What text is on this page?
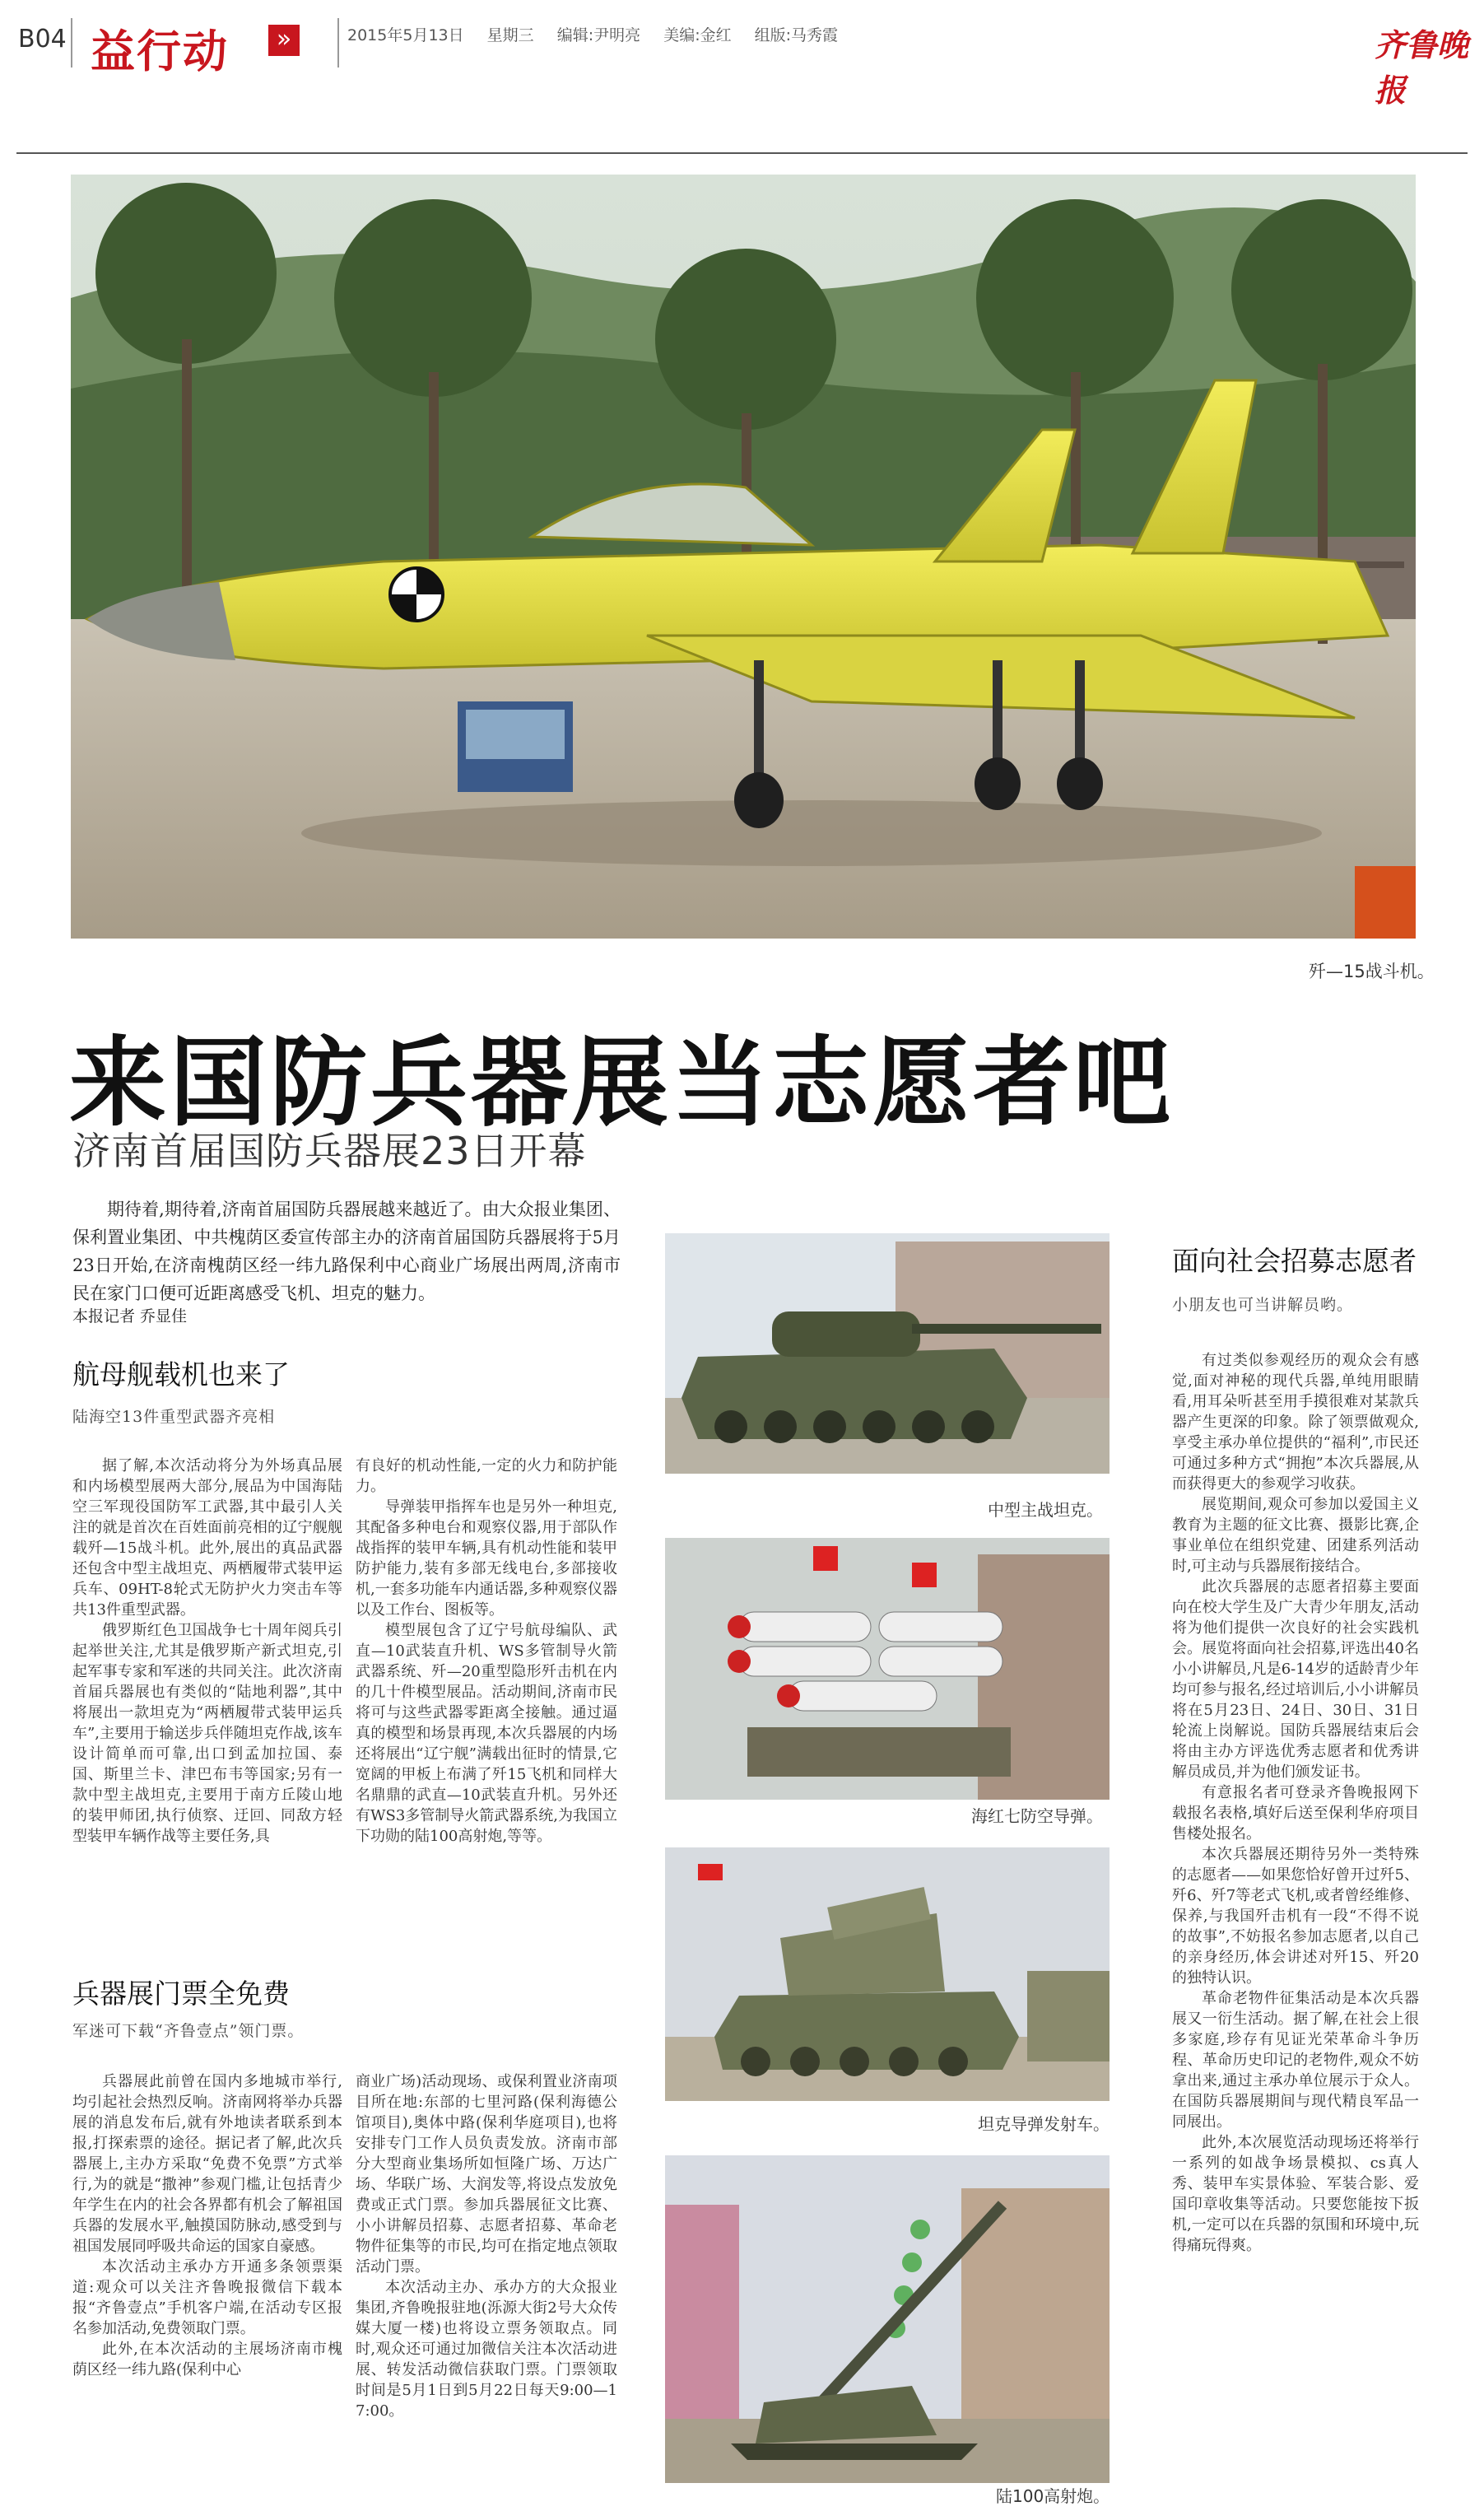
B04 益行动	»	2015年5月13日 星期三 编辑:尹明亮 美编:金红 组版:马秀霞	齐鲁晚报
歼—15战斗机。
来国防兵器展当志愿者吧
济南首届国防兵器展23日开幕
期待着,期待着,济南首届国防兵器展越来越近了。由大众报业集团、保利置业集团、中共槐荫区委宣传部主办的济南首届国防兵器展将于5月23日开始,在济南槐荫区经一纬九路保利中心商业广场展出两周,济南市民在家门口便可近距离感受飞机、坦克的魅力。
本报记者 乔显佳
航母舰载机也来了
陆海空13件重型武器齐亮相

据了解,本次活动将分为外场真品展和内场模型展两大部分,展品为中国海陆空三军现役国防军工武器,其中最引人关注的就是首次在百姓面前亮相的辽宁舰舰载歼—15战斗机。此外,展出的真品武器还包含中型主战坦克、两栖履带式装甲运兵车、09HT-8轮式无防护火力突击车等共13件重型武器。

俄罗斯红色卫国战争七十周年阅兵引起举世关注,尤其是俄罗斯产新式坦克,引起军事专家和军迷的共同关注。此次济南首届兵器展也有类似的“陆地利器”,其中将展出一款坦克为“两栖履带式装甲运兵车”,主要用于输送步兵伴随坦克作战,该车设计简单而可靠,出口到孟加拉国、泰国、斯里兰卡、津巴布韦等国家;另有一款中型主战坦克,主要用于南方丘陵山地的装甲师团,执行侦察、迂回、同敌方轻型装甲车辆作战等主要任务,具

有良好的机动性能,一定的火力和防护能力。

导弹装甲指挥车也是另外一种坦克,其配备多种电台和观察仪器,用于部队作战指挥的装甲车辆,具有机动性能和装甲防护能力,装有多部无线电台,多部接收机,一套多功能车内通话器,多种观察仪器以及工作台、图板等。

模型展包含了辽宁号航母编队、武直—10武装直升机、WS多管制导火箭武器系统、歼—20重型隐形歼击机在内的几十件模型展品。活动期间,济南市民将可与这些武器零距离全接触。通过逼真的模型和场景再现,本次兵器展的内场还将展出“辽宁舰”满载出征时的情景,它宽阔的甲板上布满了歼15飞机和同样大名鼎鼎的武直—10武装直升机。另外还有WS3多管制导火箭武器系统,为我国立下功勋的陆100高射炮,等等。

兵器展门票全免费
军迷可下载“齐鲁壹点”领门票。

兵器展此前曾在国内多地城市举行,均引起社会热烈反响。济南网将举办兵器展的消息发布后,就有外地读者联系到本报,打探索票的途径。据记者了解,此次兵器展上,主办方采取“免费不免票”方式举行,为的就是“撒神”参观门槛,让包括青少年学生在内的社会各界都有机会了解祖国兵器的发展水平,触摸国防脉动,感受到与祖国发展同呼吸共命运的国家自豪感。

本次活动主承办方开通多条领票渠道:观众可以关注齐鲁晚报微信下载本报“齐鲁壹点”手机客户端,在活动专区报名参加活动,免费领取门票。

此外,在本次活动的主展场济南市槐荫区经一纬九路(保利中心

商业广场)活动现场、或保利置业济南项目所在地:东部的七里河路(保利海德公馆项目),奥体中路(保利华庭项目),也将安排专门工作人员负责发放。济南市部分大型商业集场所如恒隆广场、万达广场、华联广场、大润发等,将设点发放免费或正式门票。参加兵器展征文比赛、小小讲解员招募、志愿者招募、革命老物件征集等的市民,均可在指定地点领取活动门票。

本次活动主办、承办方的大众报业集团,齐鲁晚报驻地(泺源大街2号大众传媒大厦一楼)也将设立票务领取点。同时,观众还可通过加微信关注本次活动进展、转发活动微信获取门票。门票领取时间是5月1日到5月22日每天9:00—17:00。

中型主战坦克。
海红七防空导弹。
坦克导弹发射车。
陆100高射炮。
面向社会招募志愿者
小朋友也可当讲解员哟。

有过类似参观经历的观众会有感觉,面对神秘的现代兵器,单纯用眼睛看,用耳朵听甚至用手摸很难对某款兵器产生更深的印象。除了领票做观众,享受主承办单位提供的“福利”,市民还可通过多种方式“拥抱”本次兵器展,从而获得更大的参观学习收获。

展览期间,观众可参加以爱国主义教育为主题的征文比赛、摄影比赛,企事业单位在组织党建、团建系列活动时,可主动与兵器展衔接结合。

此次兵器展的志愿者招募主要面向在校大学生及广大青少年朋友,活动将为他们提供一次良好的社会实践机会。展览将面向社会招募,评选出40名小小讲解员,凡是6-14岁的适龄青少年均可参与报名,经过培训后,小小讲解员将在5月23日、24日、30日、31日轮流上岗解说。国防兵器展结束后会将由主办方评选优秀志愿者和优秀讲解员成员,并为他们颁发证书。

有意报名者可登录齐鲁晚报网下载报名表格,填好后送至保利华府项目售楼处报名。

本次兵器展还期待另外一类特殊的志愿者——如果您恰好曾开过歼5、歼6、歼7等老式飞机,或者曾经维修、保养,与我国歼击机有一段“不得不说的故事”,不妨报名参加志愿者,以自己的亲身经历,体会讲述对歼15、歼20的独特认识。

革命老物件征集活动是本次兵器展又一衍生活动。据了解,在社会上很多家庭,珍存有见证光荣革命斗争历程、革命历史印记的老物件,观众不妨拿出来,通过主承办单位展示于众人。在国防兵器展期间与现代精良军品一同展出。

此外,本次展览活动现场还将举行一系列的如战争场景模拟、cs真人秀、装甲车实景体验、军装合影、爱国印章收集等活动。只要您能按下扳机,一定可以在兵器的氛围和环境中,玩得痛玩得爽。
